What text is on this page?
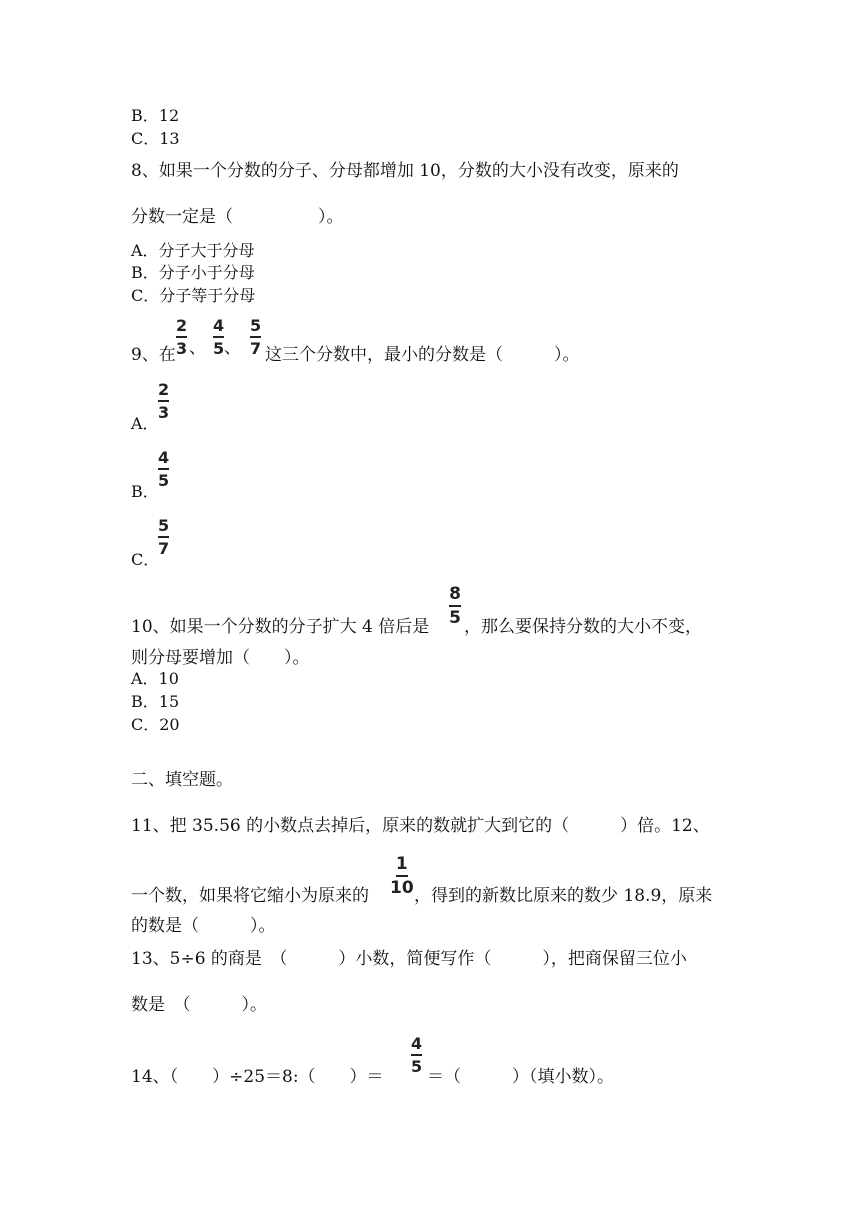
B．12
C．13
8、如果一个分数的分子、分母都增加 10，分数的大小没有改变，原来的
分数一定是（　　　　　）。
A．分子大于分母
B．分子小于分母
C．分子等于分母
9、在
2
3 、
4
5 、
5
7 这三个分数中，最小的分数是（　　　）。
A．
2
3
B．
4
5
C．
5
7
10、如果一个分数的分子扩大 4 倍后是
8
5 ，那么要保持分数的大小不变，
则分母要增加（　　）。
A．10
B．15
C．20
二、填空题。
11、把 35.56 的小数点去掉后，原来的数就扩大到它的（　　　）倍。12、
一个数，如果将它缩小为原来的
1
10 ，得到的新数比原来的数少 18.9，原来
的数是（　　　）。
13、5÷6 的商是　（　　　）小数，简便写作（　　　），把商保留三位小
数是　（　　　）。
14、（　　）÷25＝8:（　　）＝
4
5
＝（　　　）（填小数）。
